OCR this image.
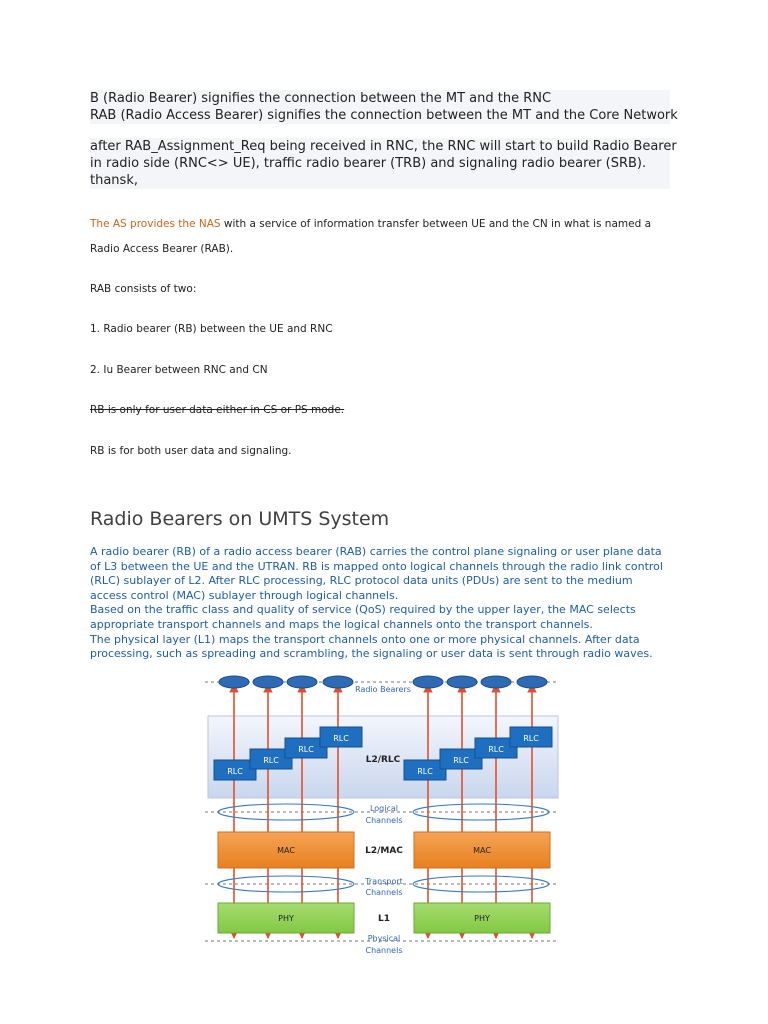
B (Radio Bearer) signifies the connection between the MT and the RNC
RAB (Radio Access Bearer) signifies the connection between the MT and the Core Network
after RAB_Assignment_Req being received in RNC, the RNC will start to build Radio Bearer
in radio side (RNC<> UE), traffic radio bearer (TRB) and signaling radio bearer (SRB).
thansk,
The AS provides the NAS with a service of information transfer between UE and the CN in what is named a
Radio Access Bearer (RAB).
RAB consists of two:
1. Radio bearer (RB) between the UE and RNC
2. Iu Bearer between RNC and CN
RB is only for user data either in CS or PS mode.
RB is for both user data and signaling.
Radio Bearers on UMTS System
A radio bearer (RB) of a radio access bearer (RAB) carries the control plane signaling or user plane data
of L3 between the UE and the UTRAN. RB is mapped onto logical channels through the radio link control
(RLC) sublayer of L2. After RLC processing, RLC protocol data units (PDUs) are sent to the medium
access control (MAC) sublayer through logical channels.
Based on the traffic class and quality of service (QoS) required by the upper layer, the MAC selects
appropriate transport channels and maps the logical channels onto the transport channels.
The physical layer (L1) maps the transport channels onto one or more physical channels. After data
processing, such as spreading and scrambling, the signaling or user data is sent through radio waves.
Radio Bearers
RLC
RLC
RLC
RLC
RLC
RLC
RLC
RLC
L2/RLC
Logical
Channels
MAC	MAC
L2/MAC
Transport
Channels
PHY	PHY
L1
Physical
Channels
